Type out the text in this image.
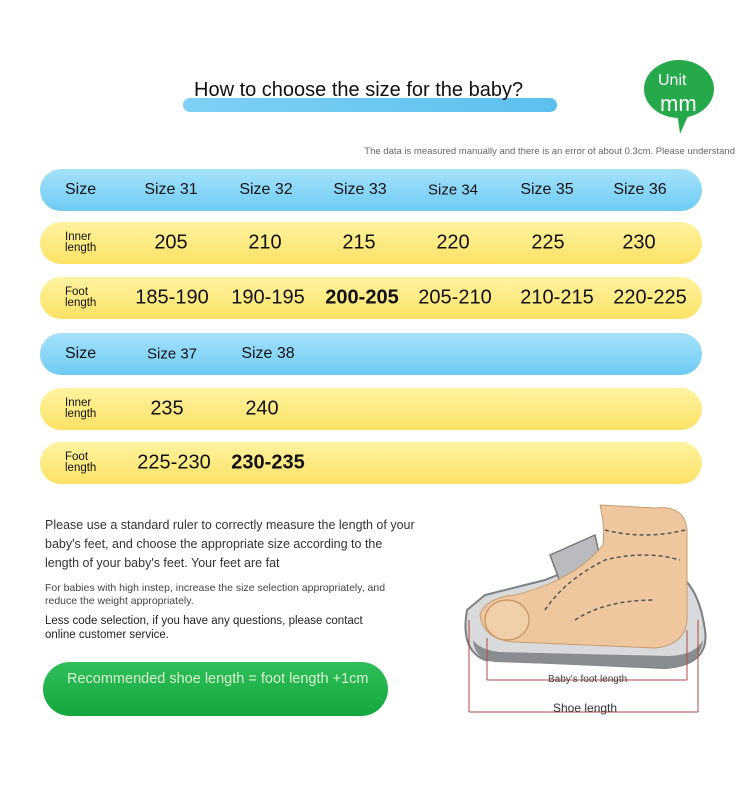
How to choose the size for the baby?	Unit
mm
The data is measured manually and there is an error of about 0.3cm. Please understand
Size	Size 31	Size 32	Size 33	Size 34	Size 35 Size 36
Inner length	205	210	215	220	225	230
Foot length	185-190 190-195 200-205 205-210 210-215 220-225
Size	Size 37	Size 38
Inner length	235	240
Foot length	225-230 230-235
Please use a standard ruler to correctly measure the length of your baby's feet, and choose the appropriate size according to the length of your baby's feet. Your feet are fat
For babies with high instep, increase the size selection appropriately, and reduce the weight appropriately.
Less code selection, if you have any questions, please contact online customer service.
Recommended shoe length = foot length +1cm	Baby's foot length
Shoe length
